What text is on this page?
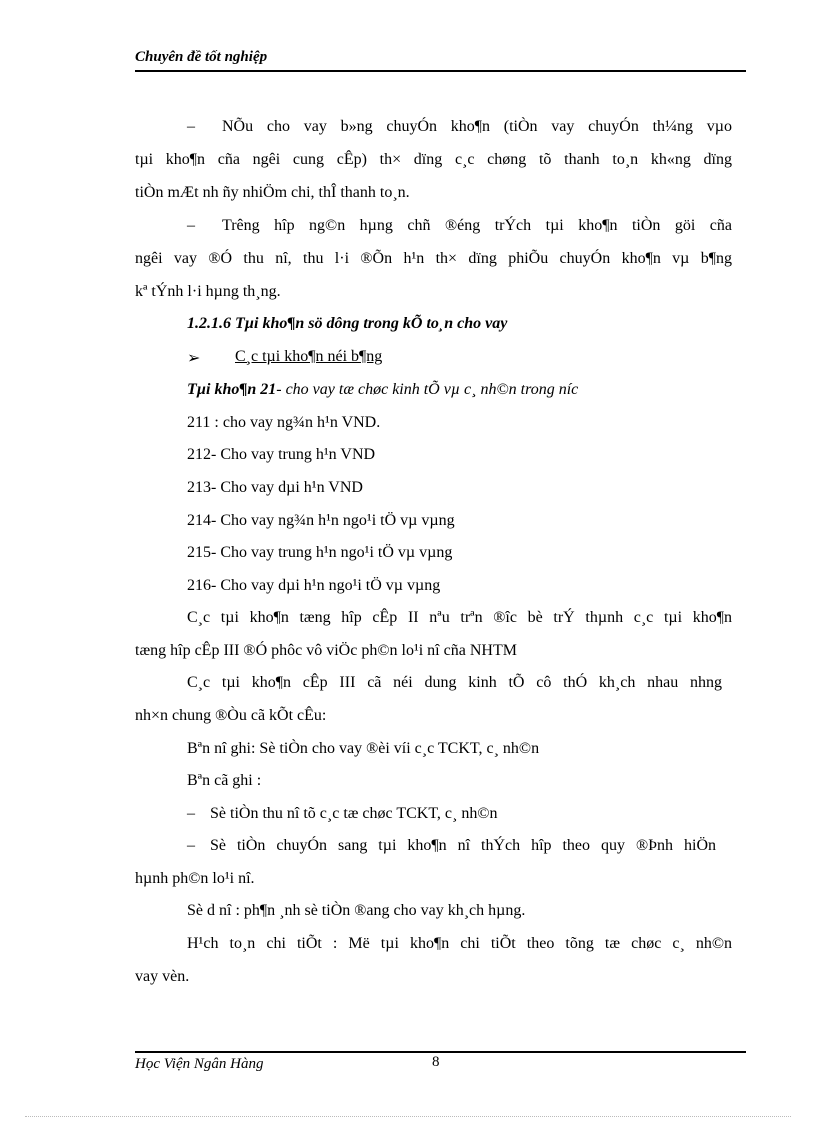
Chuyên đề tốt nghiệp
– NÕu cho vay b»ng chuyÓn kho¶n (tiÒn vay chuyÓn th¼ng vµo
tµi kho¶n cña ngêi cung cÊp) th× dïng c¸c chøng tõ thanh to¸n kh«ng dïng
tiÒn mÆt nh ñy nhiÖm chi, thÎ thanh to¸n.
– Trêng hîp ng©n hµng chñ ®éng trÝch tµi kho¶n tiÒn göi cña
ngêi vay ®Ó thu nî, thu l·i ®Õn h¹n th× dïng phiÕu chuyÓn kho¶n vµ b¶ng
kª tÝnh l·i hµng th¸ng.
1.2.1.6 Tµi kho¶n sö dông trong kÕ to¸n cho vay
➢ C¸c tµi kho¶n néi b¶ng
Tµi kho¶n 21- cho vay tæ chøc kinh tÕ vµ c¸ nh©n trong níc
211 : cho vay ng¾n h¹n VND.
212- Cho vay trung h¹n VND
213- Cho vay dµi h¹n VND
214- Cho vay ng¾n h¹n ngo¹i tÖ vµ vµng
215- Cho vay trung h¹n ngo¹i tÖ vµ vµng
216- Cho vay dµi h¹n ngo¹i tÖ vµ vµng
C¸c tµi kho¶n tæng hîp cÊp II nªu trªn ®îc bè trÝ thµnh c¸c tµi kho¶n
tæng hîp cÊp III ®Ó phôc vô viÖc ph©n lo¹i nî cña NHTM
C¸c tµi kho¶n cÊp III cã néi dung kinh tÕ cô thÓ kh¸ch nhau nhng
nh×n chung ®Òu cã kÕt cÊu:
Bªn nî ghi: Sè tiÒn cho vay ®èi víi c¸c TCKT, c¸ nh©n
Bªn cã ghi :
– Sè tiÒn thu nî tõ c¸c tæ chøc TCKT, c¸ nh©n
– Sè tiÒn chuyÓn sang tµi kho¶n nî thÝch hîp theo quy ®Þnh hiÖn
hµnh ph©n lo¹i nî.
Sè d nî : ph¶n ¸nh sè tiÒn ®ang cho vay kh¸ch hµng.
H¹ch to¸n chi tiÕt : Më tµi kho¶n chi tiÕt theo tõng tæ chøc c¸ nh©n
vay vèn.
Học Viện Ngân Hàng	8
